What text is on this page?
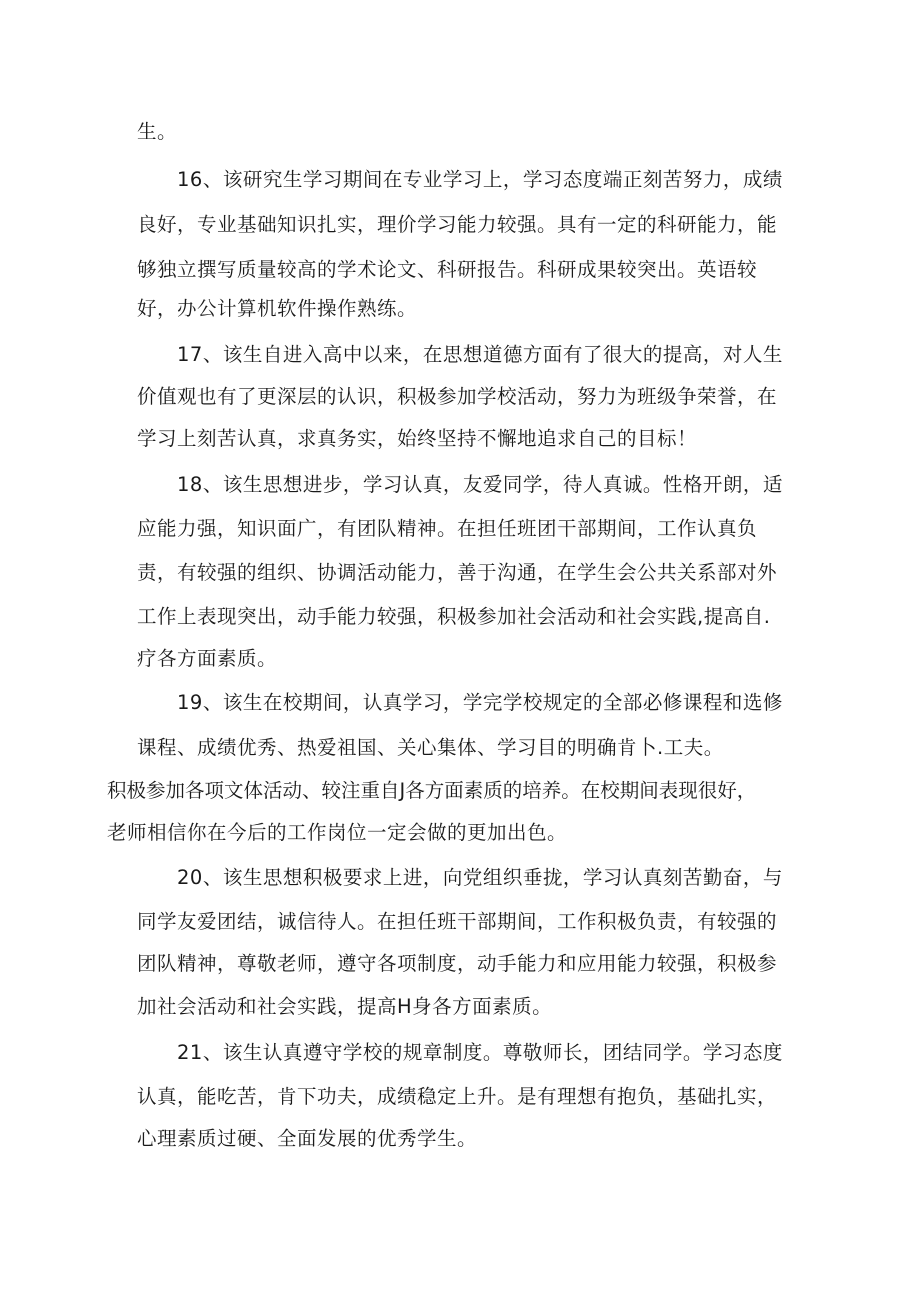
生。

16、该研究生学习期间在专业学习上，学习态度端正刻苦努力，成绩

良好，专业基础知识扎实，理价学习能力较强。具有一定的科研能力，能

够独立撰写质量较高的学术论文、科研报告。科研成果较突出。英语较

好，办公计算机软件操作熟练。

17、该生自进入高中以来，在思想道德方面有了很大的提高，对人生

价值观也有了更深层的认识，积极参加学校活动，努力为班级争荣誉，在

学习上刻苦认真，求真务实，始终坚持不懈地追求自己的目标！

18、该生思想进步，学习认真，友爱同学，待人真诚。性格开朗，适

应能力强，知识面广，有团队精神。在担任班团干部期间，工作认真负

责，有较强的组织、协调活动能力，善于沟通，在学生会公共关系部对外

工作上表现突出，动手能力较强，积极参加社会活动和社会实践,提高自.

疗各方面素质。

19、该生在校期间，认真学习，学完学校规定的全部必修课程和选修

课程、成绩优秀、热爱祖国、关心集体、学习目的明确肯卜.工夫。

积极参加各项文体活动、较注重自J各方面素质的培养。在校期间表现很好，

老师相信你在今后的工作岗位一定会做的更加出色。

20、该生思想积极要求上进，向党组织垂拢，学习认真刻苦勤奋，与

同学友爱团结，诚信待人。在担任班干部期间，工作积极负责，有较强的

团队精神，尊敬老师，遵守各项制度，动手能力和应用能力较强，积极参

加社会活动和社会实践，提高H身各方面素质。

21、该生认真遵守学校的规章制度。尊敬师长，团结同学。学习态度

认真，能吃苦，肯下功夫，成绩稳定上升。是有理想有抱负，基础扎实，

心理素质过硬、全面发展的优秀学生。
